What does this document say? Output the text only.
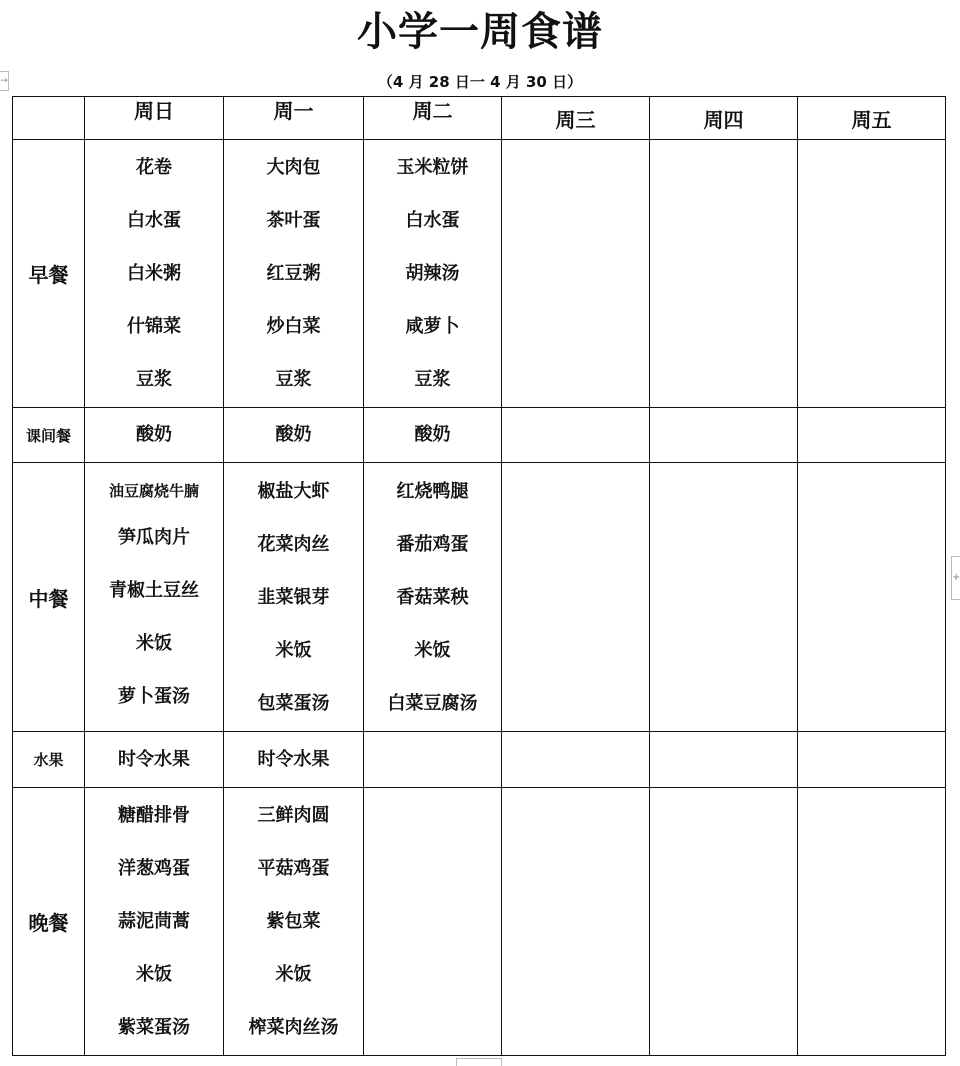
小学一周食谱
（4 月 28 日一 4 月 30 日）
→
+
	周日	周一	周二	周三	周四	周五
早餐	花卷
白水蛋
白米粥
什锦菜
豆浆	大肉包
茶叶蛋
红豆粥
炒白菜
豆浆	玉米粒饼
白水蛋
胡辣汤
咸萝卜
豆浆			

课间餐	酸奶	酸奶	酸奶			

中餐	油豆腐烧牛腩
笋瓜肉片
青椒土豆丝
米饭
萝卜蛋汤	椒盐大虾
花菜肉丝
韭菜银芽
米饭
包菜蛋汤	红烧鸭腿
番茄鸡蛋
香菇菜秧
米饭
白菜豆腐汤			

水果	时令水果	时令水果				

晚餐	糖醋排骨
洋葱鸡蛋
蒜泥茼蒿
米饭
紫菜蛋汤	三鲜肉圆
平菇鸡蛋
紫包菜
米饭
榨菜肉丝汤				
